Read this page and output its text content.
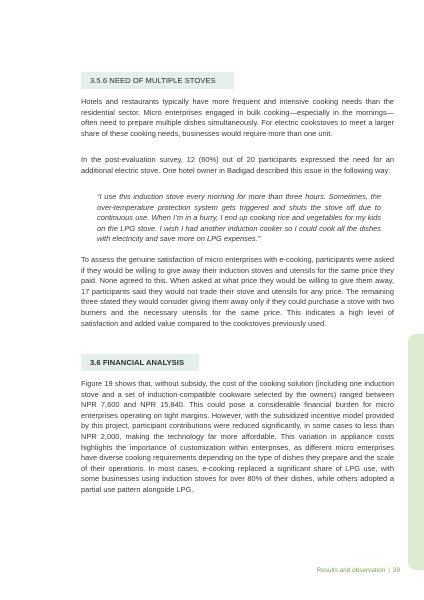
3.5.6 NEED OF MULTIPLE STOVES

Hotels and restaurants typically have more frequent and intensive cooking needs than the residential sector. Micro enterprises engaged in bulk cooking—especially in the mornings—often need to prepare multiple dishes simultaneously. For electric cookstoves to meet a larger share of these cooking needs, businesses would require more than one unit.

In the post-evaluation survey, 12 (60%) out of 20 participants expressed the need for an additional electric stove. One hotel owner in Badigad described this issue in the following way:

“I use this induction stove every morning for more than three hours. Sometimes, the over-temperature protection system gets triggered and shuts the stove off due to continuous use. When I’m in a hurry, I end up cooking rice and vegetables for my kids on the LPG stove. I wish I had another induction cooker so I could cook all the dishes with electricity and save more on LPG expenses.”

To assess the genuine satisfaction of micro enterprises with e-cooking, participants were asked if they would be willing to give away their induction stoves and utensils for the same price they paid. None agreed to this. When asked at what price they would be willing to give them away, 17 participants said they would not trade their stove and utensils for any price. The remaining three stated they would consider giving them away only if they could purchase a stove with two burners and the necessary utensils for the same price. This indicates a high level of satisfaction and added value compared to the cookstoves previously used.

3.6 FINANCIAL ANALYSIS

Figure 19 shows that, without subsidy, the cost of the cooking solution (including one induction stove and a set of induction-compatible cookware selected by the owners) ranged between NPR 7,600 and NPR 15,840. This could pose a considerable financial burden for micro enterprises operating on tight margins. However, with the subsidized incentive model provided by this project, participant contributions were reduced significantly, in some cases to less than NPR 2,000, making the technology far more affordable. This variation in appliance costs highlights the importance of customization within enterprises, as different micro enterprises have diverse cooking requirements depending on the type of dishes they prepare and the scale of their operations. In most cases, e-cooking replaced a significant share of LPG use, with some businesses using induction stoves for over 80% of their dishes, while others adopted a partial use pattern alongside LPG.

Results and observation | 39
